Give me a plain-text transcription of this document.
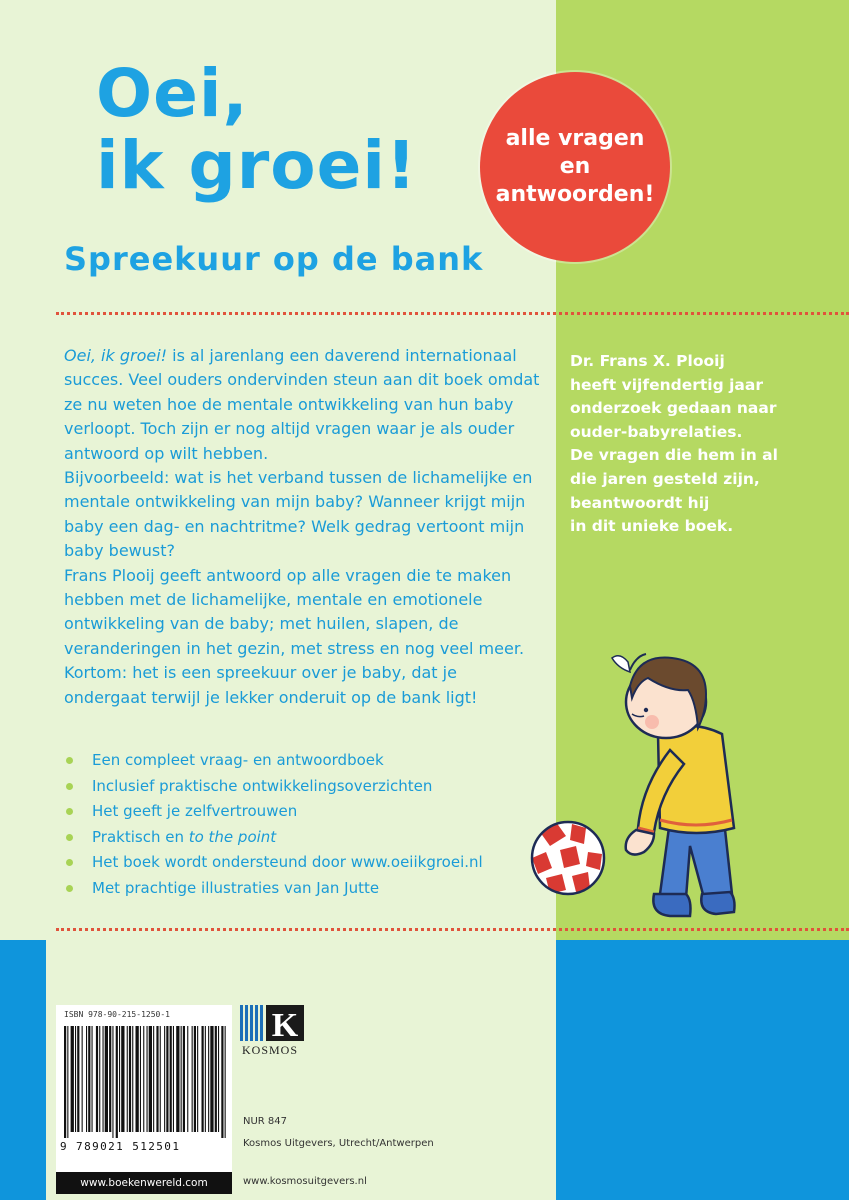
Oei,
ik groei!	alle vragen en antwoorden!
Spreekuur op de bank
Oei, ik groei! is al jarenlang een daverend internationaal succes. Veel ouders ondervinden steun aan dit boek omdat ze nu weten hoe de mentale ontwikkeling van hun baby verloopt. Toch zijn er nog altijd vragen waar je als ouder antwoord op wilt hebben.
Bijvoorbeeld: wat is het verband tussen de lichamelijke en mentale ontwikkeling van mijn baby? Wanneer krijgt mijn baby een dag- en nachtritme? Welk gedrag vertoont mijn baby bewust?
Frans Plooij geeft antwoord op alle vragen die te maken hebben met de lichamelijke, mentale en emotionele ontwikkeling van de baby; met huilen, slapen, de veranderingen in het gezin, met stress en nog veel meer.
Kortom: het is een spreekuur over je baby, dat je ondergaat terwijl je lekker onderuit op de bank ligt!
Een compleet vraag- en antwoordboek
Inclusief praktische ontwikkelingsoverzichten
Het geeft je zelfvertrouwen
Praktisch en to the point
Het boek wordt ondersteund door www.oeiikgroei.nl
Met prachtige illustraties van Jan Jutte
Dr. Frans X. Plooij
heeft vijfendertig jaar
onderzoek gedaan naar
ouder-babyrelaties.
De vragen die hem in al
die jaren gesteld zijn,
beantwoordt hij
in dit unieke boek.

ISBN 978-90-215-1250-1

9 789021 512501

www.boekenwereld.com
K

KOSMOS

NUR 847

Kosmos Uitgevers, Utrecht/Antwerpen

www.kosmosuitgevers.nl
